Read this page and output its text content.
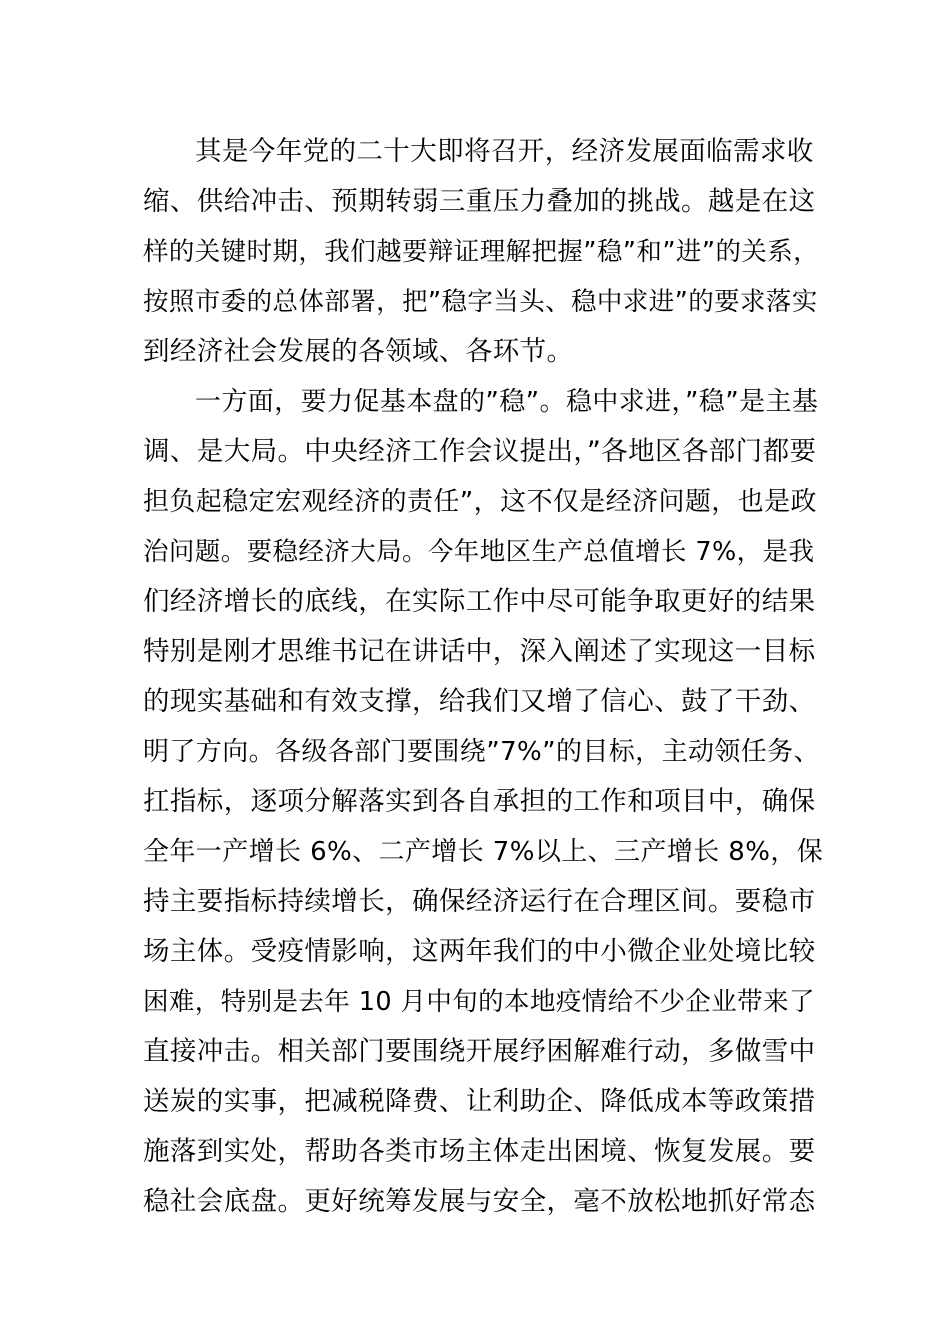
其是今年党的二十大即将召开，经济发展面临需求收
缩、供给冲击、预期转弱三重压力叠加的挑战。越是在这
样的关键时期，我们越要辩证理解把握”稳”和”进”的关系，
按照市委的总体部署，把”稳字当头、稳中求进”的要求落实
到经济社会发展的各领域、各环节。
一方面，要力促基本盘的”稳”。稳中求进，”稳”是主基
调、是大局。中央经济工作会议提出，”各地区各部门都要
担负起稳定宏观经济的责任”，这不仅是经济问题，也是政
治问题。要稳经济大局。今年地区生产总值增长 7%，是我
们经济增长的底线，在实际工作中尽可能争取更好的结果
特别是刚才思维书记在讲话中，深入阐述了实现这一目标
的现实基础和有效支撑，给我们又增了信心、鼓了干劲、
明了方向。各级各部门要围绕”7%”的目标，主动领任务、
扛指标，逐项分解落实到各自承担的工作和项目中，确保
全年一产增长 6%、二产增长 7%以上、三产增长 8%，保
持主要指标持续增长，确保经济运行在合理区间。要稳市
场主体。受疫情影响，这两年我们的中小微企业处境比较
困难，特别是去年 10 月中旬的本地疫情给不少企业带来了
直接冲击。相关部门要围绕开展纾困解难行动，多做雪中
送炭的实事，把减税降费、让利助企、降低成本等政策措
施落到实处，帮助各类市场主体走出困境、恢复发展。要
稳社会底盘。更好统筹发展与安全，毫不放松地抓好常态
